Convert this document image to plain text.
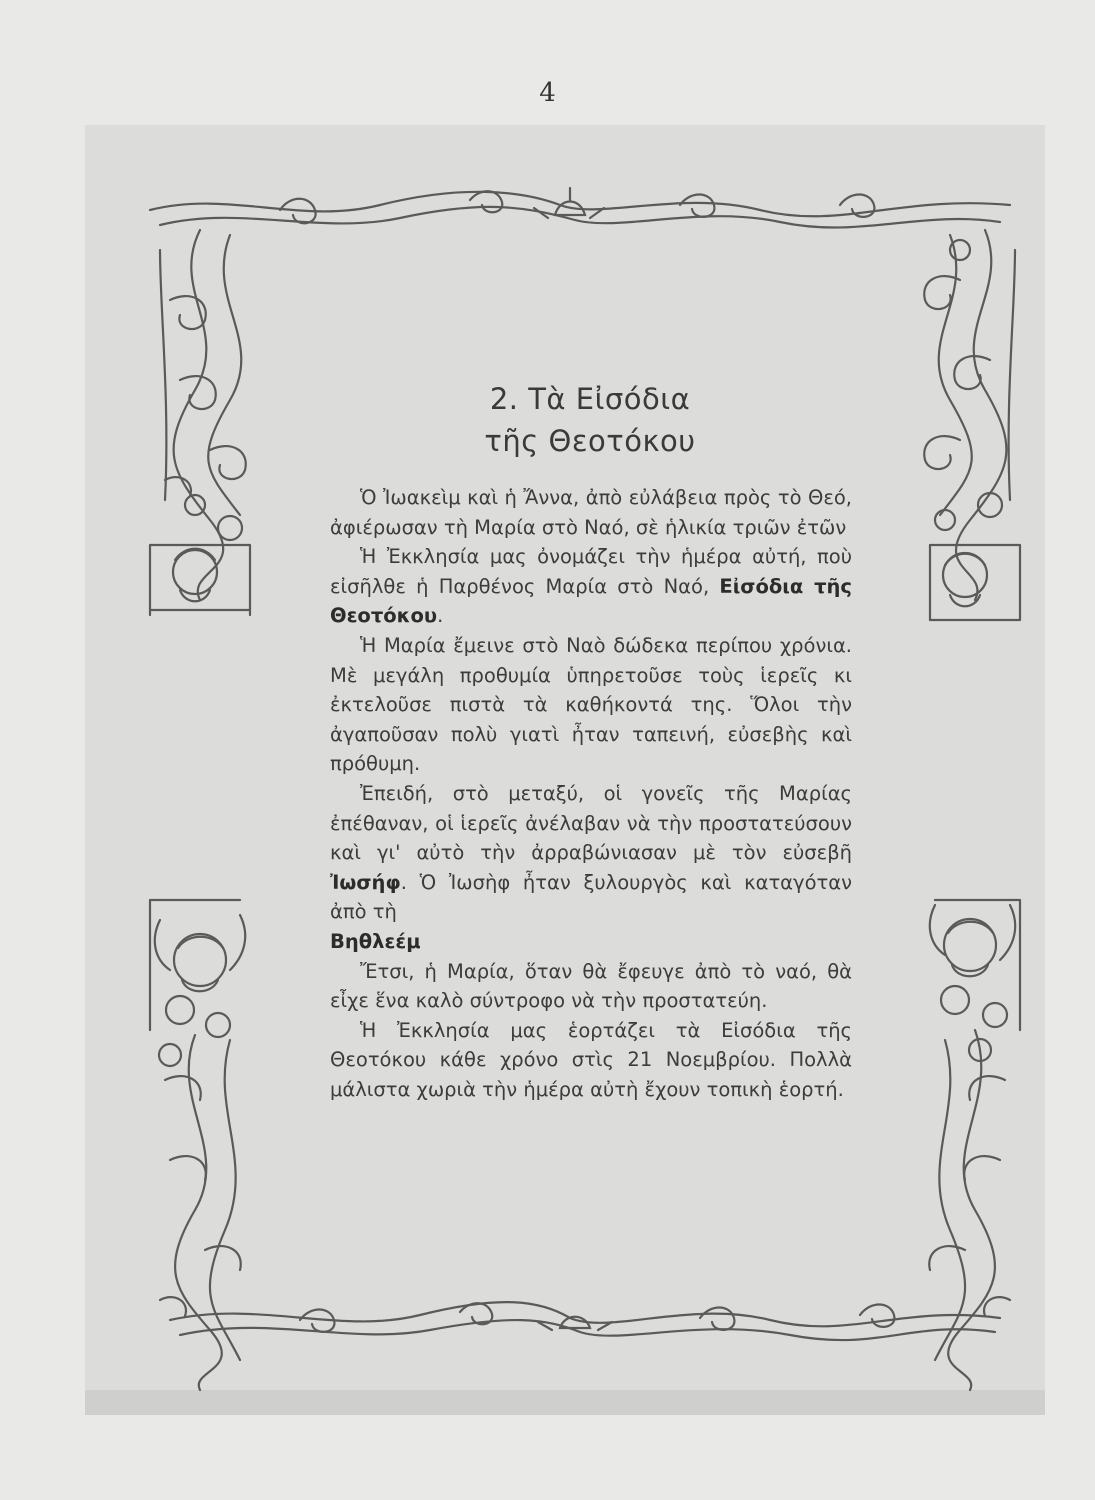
4
2. Τὰ Εἰσόδια
τῆς Θεοτόκου

Ὁ Ἰωακεὶμ καὶ ἡ Ἄννα, ἀπὸ εὐλάβεια πρὸς τὸ Θεό, ἀφιέρωσαν τὴ Μαρία στὸ Ναό, σὲ ἡλικία τριῶν ἐτῶν

Ἡ Ἐκκλησία μας ὀνομάζει τὴν ἡμέρα αὐτή, ποὺ εἰσῆλθε ἡ Παρθένος Μαρία στὸ Ναό, Εἰσόδια τῆς Θεοτόκου.

Ἡ Μαρία ἔμεινε στὸ Ναὸ δώδεκα περίπου χρόνια. Μὲ μεγάλη προθυμία ὑπηρετοῦσε τοὺς ἱερεῖς κι ἐκτελοῦσε πιστὰ τὰ καθήκοντά της. Ὅλοι τὴν ἀγαποῦσαν πολὺ γιατὶ ἦταν ταπεινή, εὐσεβὴς καὶ πρόθυμη.

Ἐπειδή, στὸ μεταξύ, οἱ γονεῖς τῆς Μαρίας ἐπέθαναν, οἱ ἱερεῖς ἀνέλαβαν νὰ τὴν προστατεύσουν καὶ γι' αὐτὸ τὴν ἀρραβώνιασαν μὲ τὸν εὐσεβῆ Ἰωσήφ. Ὁ Ἰωσὴφ ἦταν ξυλουργὸς καὶ καταγόταν ἀπὸ τὴ
Βηθλεέμ

Ἔτσι, ἡ Μαρία, ὅταν θὰ ἔφευγε ἀπὸ τὸ ναό, θὰ εἶχε ἕνα καλὸ σύντροφο νὰ τὴν προστατεύη.

Ἡ Ἐκκλησία μας ἑορτάζει τὰ Εἰσόδια τῆς Θεοτόκου κάθε χρόνο στὶς 21 Νοεμβρίου. Πολλὰ μάλιστα χωριὰ τὴν ἡμέρα αὐτὴ ἔχουν τοπικὴ ἑορτή.
